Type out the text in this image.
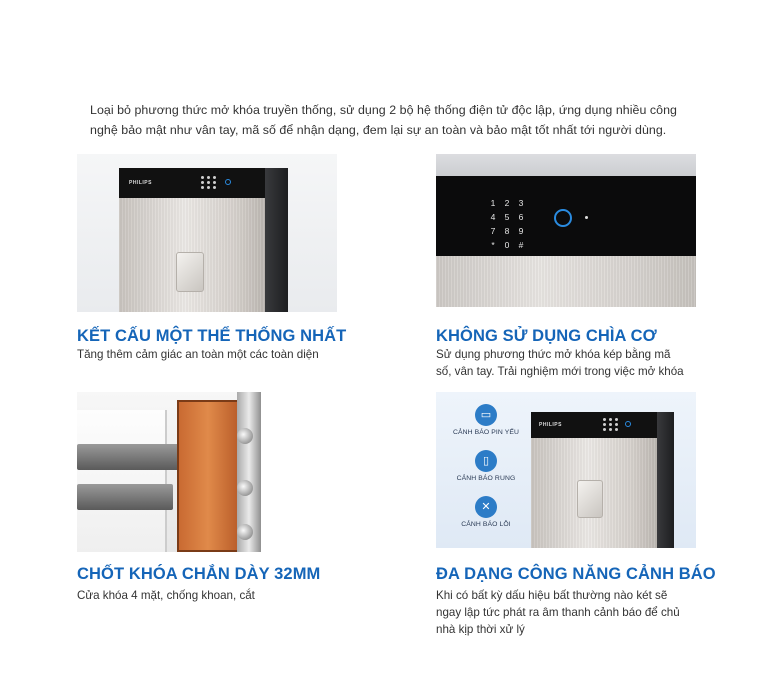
Loại bỏ phương thức mở khóa truyền thống, sử dụng 2 bộ hệ thống điện tử độc lập, ứng dụng nhiều công
nghệ bảo mật như vân tay, mã số để nhận dạng, đem lại sự an toàn và bảo mật tốt nhất tới người dùng.
PHILIPS
KẾT CẤU MỘT THỂ THỐNG NHẤT
Tăng thêm cảm giác an toàn một các toàn diện
1	2	3
4	5	6
7	8	9
*	0	#
KHÔNG SỬ DỤNG CHÌA CƠ
Sử dụng phương thức mở khóa kép bằng mã
số, vân tay. Trải nghiệm mới trong việc mở khóa
CHỐT KHÓA CHẮN DÀY 32MM
Cửa khóa 4 mặt, chống khoan, cắt
▭
CẢNH BÁO PIN YẾU
▯
CẢNH BÁO RUNG
✕
CẢNH BÁO LỖI
PHILIPS
ĐA DẠNG CÔNG NĂNG CẢNH BÁO
Khi có bất kỳ dấu hiệu bất thường nào két sẽ
ngay lập tức phát ra âm thanh cảnh báo để chủ
nhà kịp thời xử lý
